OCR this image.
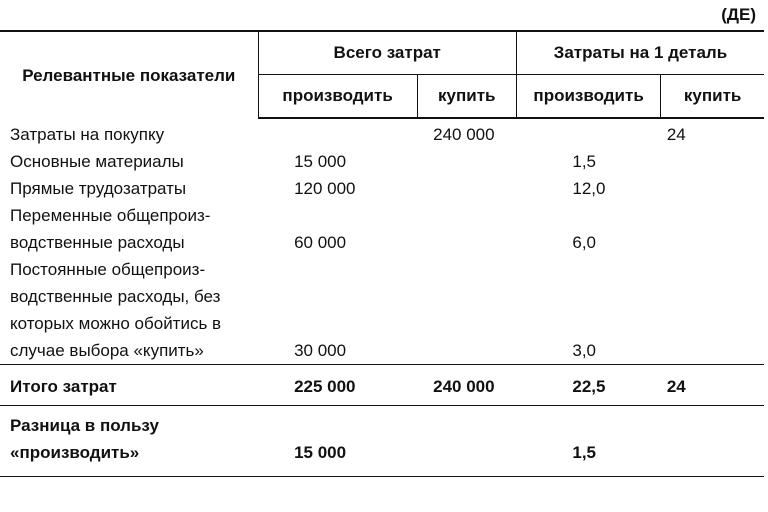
(ДЕ)
Релевантные показатели	Всего затрат		Затраты на 1 деталь	
	производить	купить	производить	купить
Затраты на покупку		240 000		24
Основные материалы	15 000		1,5	
Прямые трудозатраты	120 000		12,0	
Переменные общепроиз-водственные расходы	60 000		6,0	
Постоянные общепроиз-водственные расходы, без которых можно обойтись в случае выбора «купить»	30 000		3,0	
Итого затрат	225 000	240 000	22,5	24
Разница в пользу «производить»	15 000		1,5	
